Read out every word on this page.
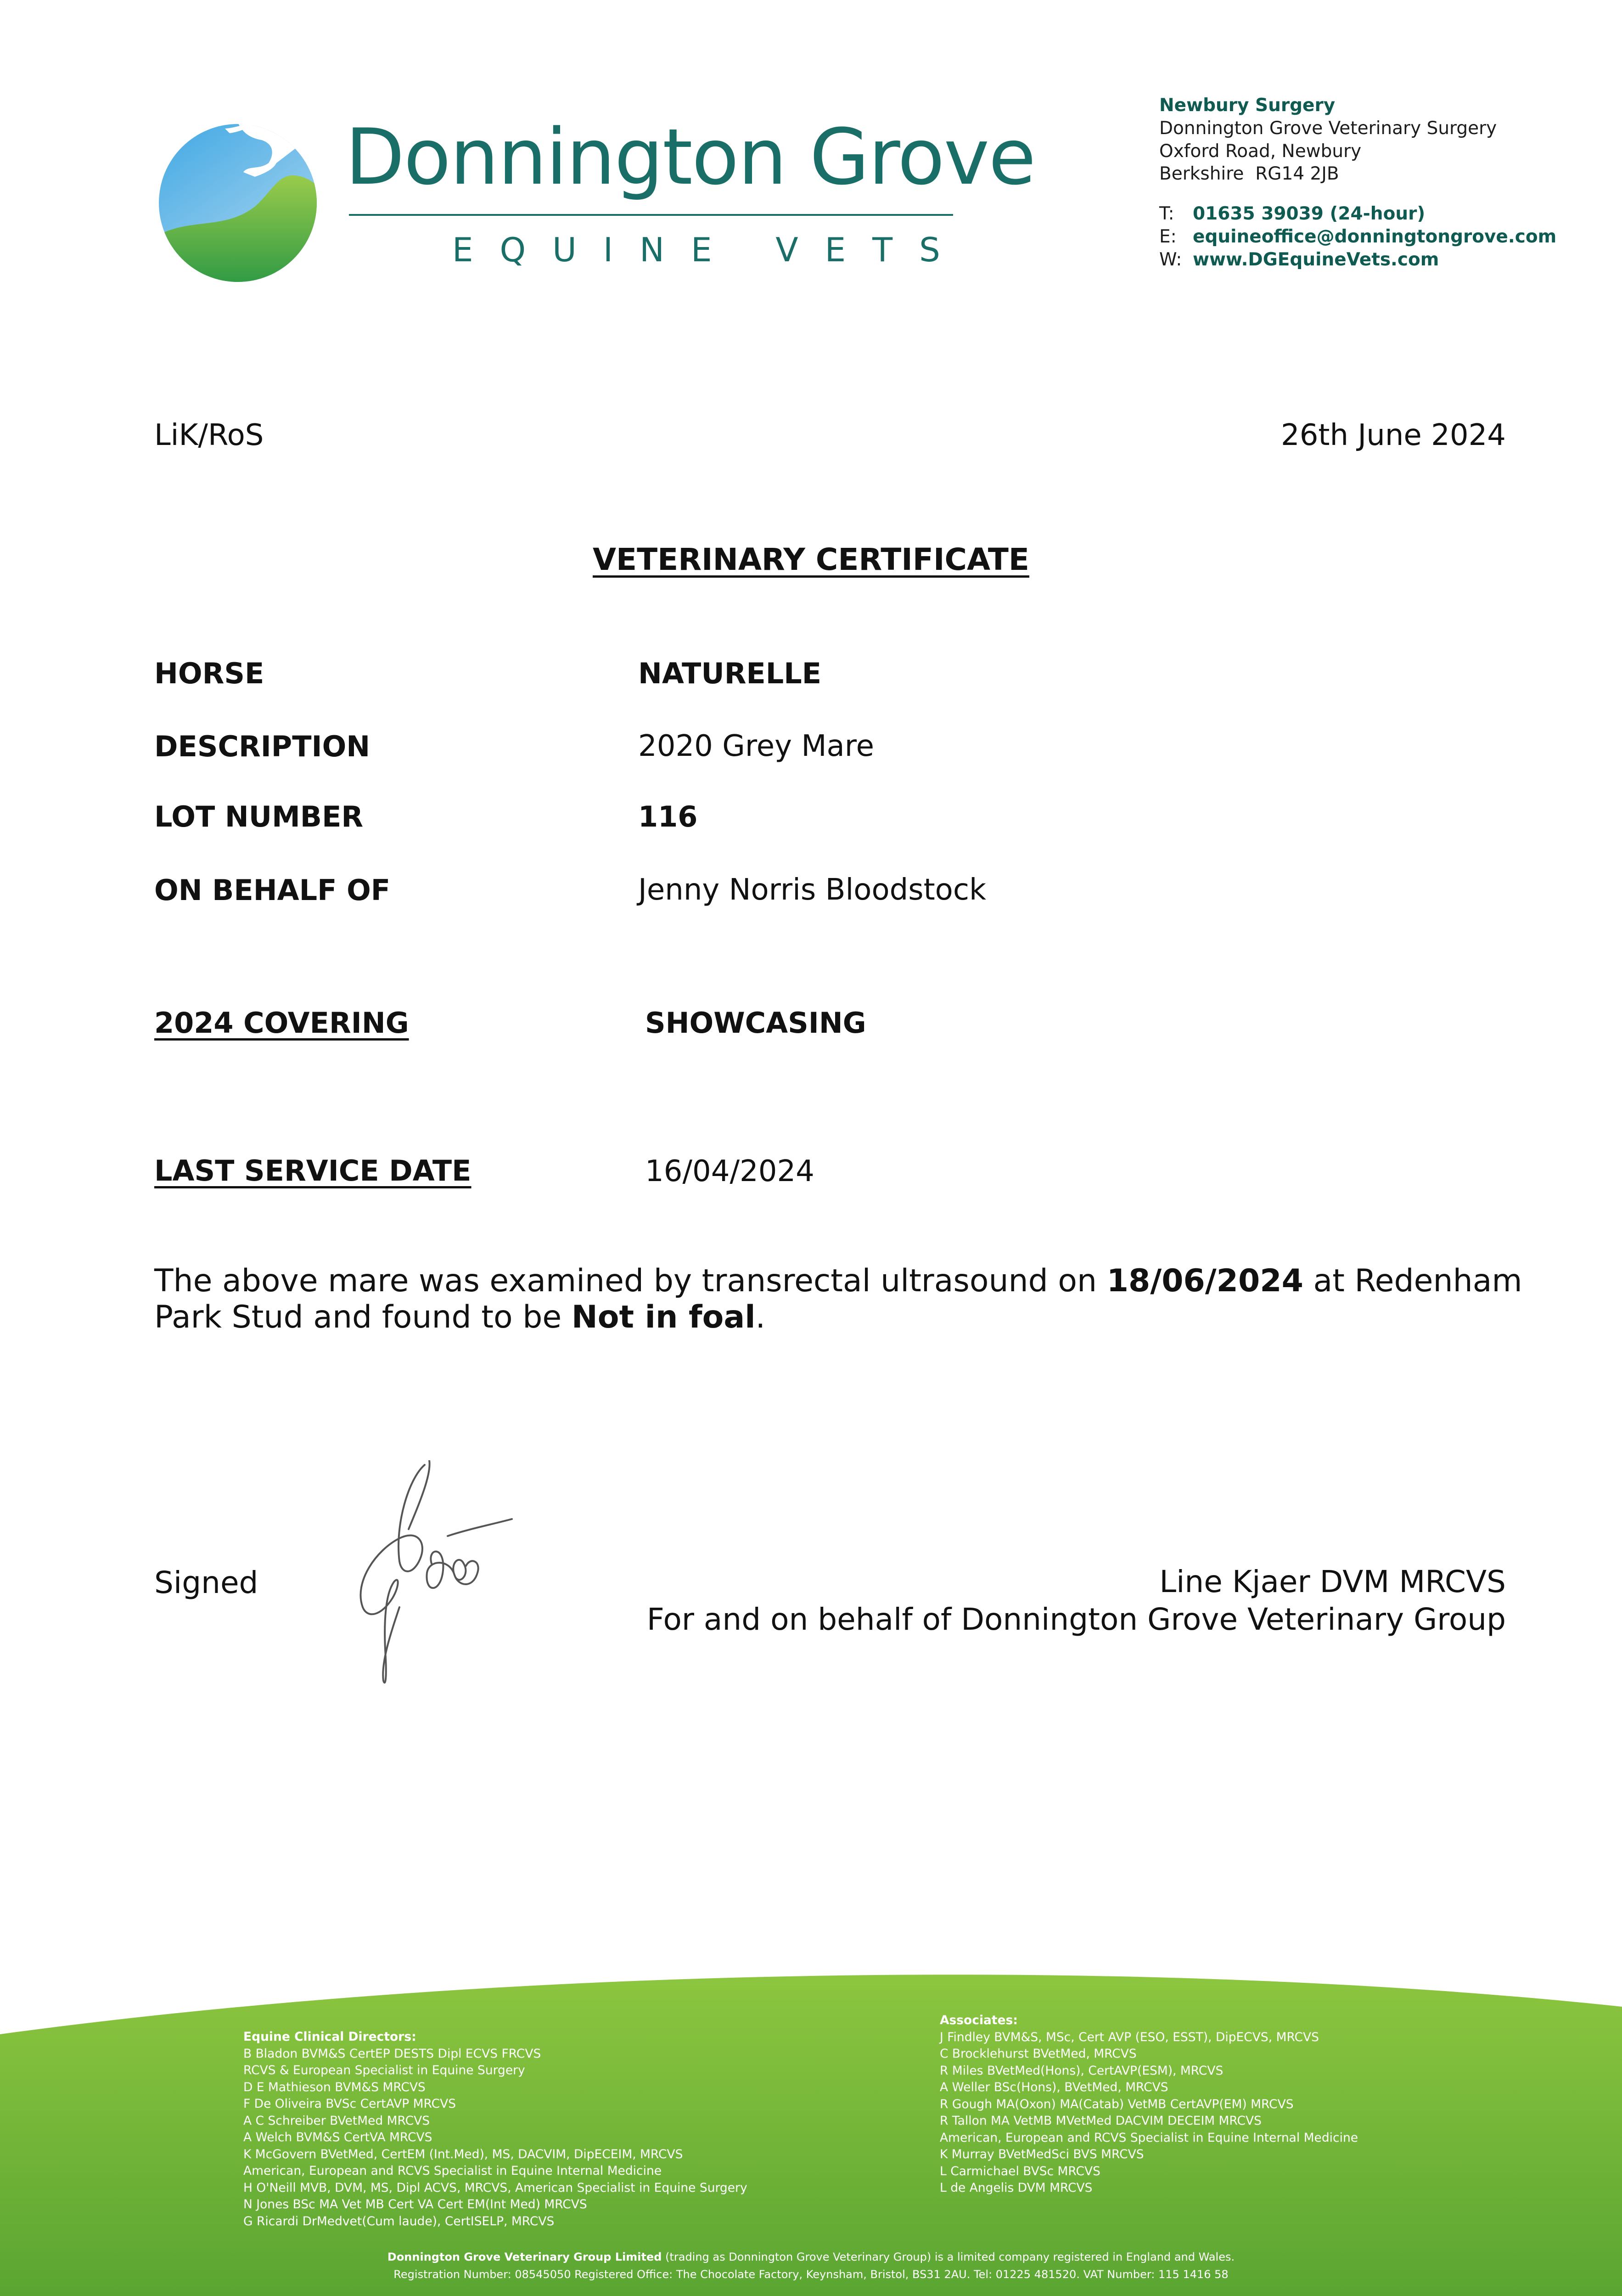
Donnington Grove
EQUINE VETS
Newbury Surgery
Donnington Grove Veterinary Surgery
Oxford Road, Newbury
Berkshire  RG14 2JB
T: 01635 39039 (24-hour)
E: equineoffice@donningtongrove.com
W: www.DGEquineVets.com
LiK/RoS	26th June 2024
VETERINARY CERTIFICATE
HORSE	NATURELLE
DESCRIPTION	2020 Grey Mare
LOT NUMBER	116
ON BEHALF OF	Jenny Norris Bloodstock
2024 COVERING	SHOWCASING
LAST SERVICE DATE	16/04/2024
The above mare was examined by transrectal ultrasound on 18/06/2024 at Redenham
Park Stud and found to be Not in foal.
Signed	Line Kjaer DVM MRCVS
For and on behalf of Donnington Grove Veterinary Group
Equine Clinical Directors:
B Bladon BVM&S CertEP DESTS Dipl ECVS FRCVS
RCVS & European Specialist in Equine Surgery
D E Mathieson BVM&S MRCVS
F De Oliveira BVSc CertAVP MRCVS
A C Schreiber BVetMed MRCVS
A Welch BVM&S CertVA MRCVS
K McGovern BVetMed, CertEM (Int.Med), MS, DACVIM, DipECEIM, MRCVS
American, European and RCVS Specialist in Equine Internal Medicine
H O'Neill MVB, DVM, MS, Dipl ACVS, MRCVS, American Specialist in Equine Surgery
N Jones BSc MA Vet MB Cert VA Cert EM(Int Med) MRCVS
G Ricardi DrMedvet(Cum laude), CertISELP, MRCVS
Associates:
J Findley BVM&S, MSc, Cert AVP (ESO, ESST), DipECVS, MRCVS
C Brocklehurst BVetMed, MRCVS
R Miles BVetMed(Hons), CertAVP(ESM), MRCVS
A Weller BSc(Hons), BVetMed, MRCVS
R Gough MA(Oxon) MA(Catab) VetMB CertAVP(EM) MRCVS
R Tallon MA VetMB MVetMed DACVIM DECEIM MRCVS
American, European and RCVS Specialist in Equine Internal Medicine
K Murray BVetMedSci BVS MRCVS
L Carmichael BVSc MRCVS
L de Angelis DVM MRCVS
Donnington Grove Veterinary Group Limited (trading as Donnington Grove Veterinary Group) is a limited company registered in England and Wales.
Registration Number: 08545050 Registered Office: The Chocolate Factory, Keynsham, Bristol, BS31 2AU. Tel: 01225 481520. VAT Number: 115 1416 58
